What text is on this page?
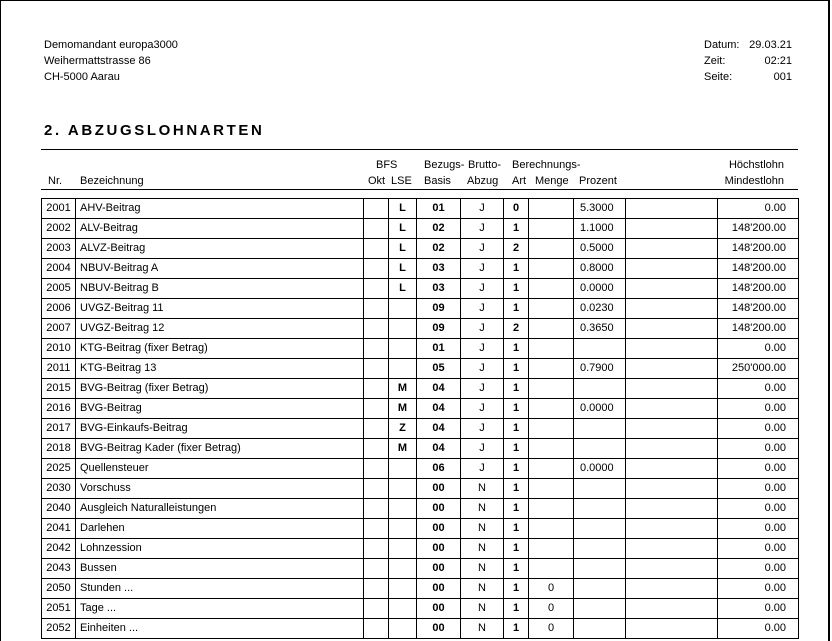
Demomandant europa3000
Weihermattstrasse 86
CH-5000 Aarau
Datum: 29.03.21
Zeit:	02:21
Seite:	001
2. ABZUGSLOHNARTEN
BFS Bezugs- Brutto- Berechnungs-	Höchstlohn
Nr. Bezeichnung	Okt LSE Basis Abzug Art Menge Prozent	Mindestlohn
2001	AHV-Beitrag		L	01	J	0		5.3000		0.00
2002	ALV-Beitrag		L	02	J	1		1.1000		148'200.00
2003	ALVZ-Beitrag		L	02	J	2		0.5000		148'200.00
2004	NBUV-Beitrag A		L	03	J	1		0.8000		148'200.00
2005	NBUV-Beitrag B		L	03	J	1		0.0000		148'200.00
2006	UVGZ-Beitrag 11			09	J	1		0.0230		148'200.00
2007	UVGZ-Beitrag 12			09	J	2		0.3650		148'200.00
2010	KTG-Beitrag (fixer Betrag)			01	J	1				0.00
2011	KTG-Beitrag 13			05	J	1		0.7900		250'000.00
2015	BVG-Beitrag (fixer Betrag)		M	04	J	1				0.00
2016	BVG-Beitrag		M	04	J	1		0.0000		0.00
2017	BVG-Einkaufs-Beitrag		Z	04	J	1				0.00
2018	BVG-Beitrag Kader (fixer Betrag)		M	04	J	1				0.00
2025	Quellensteuer			06	J	1		0.0000		0.00
2030	Vorschuss			00	N	1				0.00
2040	Ausgleich Naturalleistungen			00	N	1				0.00
2041	Darlehen			00	N	1				0.00
2042	Lohnzession			00	N	1				0.00
2043	Bussen			00	N	1				0.00
2050	Stunden ...			00	N	1	0			0.00
2051	Tage ...			00	N	1	0			0.00
2052	Einheiten ...			00	N	1	0			0.00
